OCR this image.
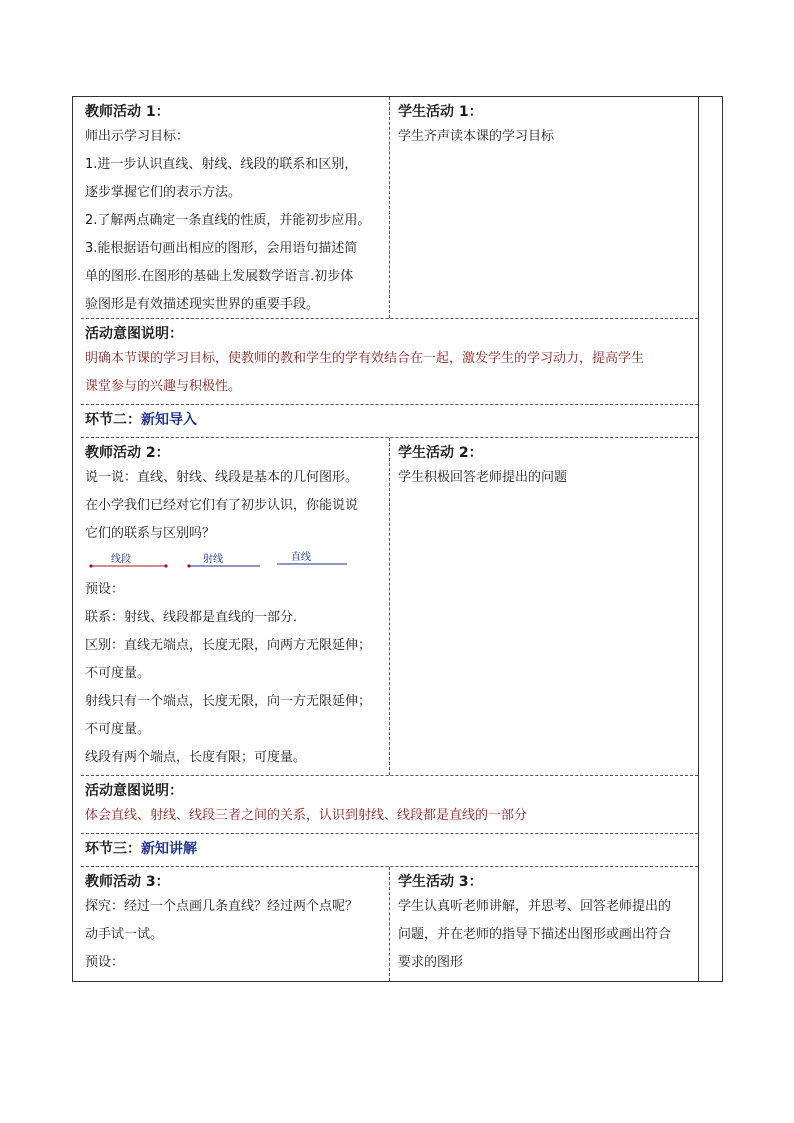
教师活动 1：
师出示学习目标：
1.进一步认识直线、射线、线段的联系和区别，
逐步掌握它们的表示方法。
2.了解两点确定一条直线的性质，并能初步应用。
3.能根据语句画出相应的图形，会用语句描述简
单的图形.在图形的基础上发展数学语言.初步体
验图形是有效描述现实世界的重要手段。
学生活动 1：
学生齐声读本课的学习目标
活动意图说明：
明确本节课的学习目标，使教师的教和学生的学有效结合在一起，激发学生的学习动力，提高学生
课堂参与的兴趣与积极性。
环节二：新知导入
教师活动 2：
说一说：直线、射线、线段是基本的几何图形。
在小学我们已经对它们有了初步认识，你能说说
它们的联系与区别吗？
线段	射线	直线
预设：
联系：射线、线段都是直线的一部分．
区别：直线无端点，长度无限，向两方无限延伸；
不可度量。
射线只有一个端点，长度无限，向一方无限延伸；
不可度量。
线段有两个端点，长度有限；可度量。
学生活动 2：
学生积极回答老师提出的问题
活动意图说明：
体会直线、射线、线段三者之间的关系，认识到射线、线段都是直线的一部分
环节三：新知讲解
教师活动 3：
探究：经过一个点画几条直线？经过两个点呢？
动手试一试。
预设：
学生活动 3：
学生认真听老师讲解，并思考、回答老师提出的
问题，并在老师的指导下描述出图形或画出符合
要求的图形
